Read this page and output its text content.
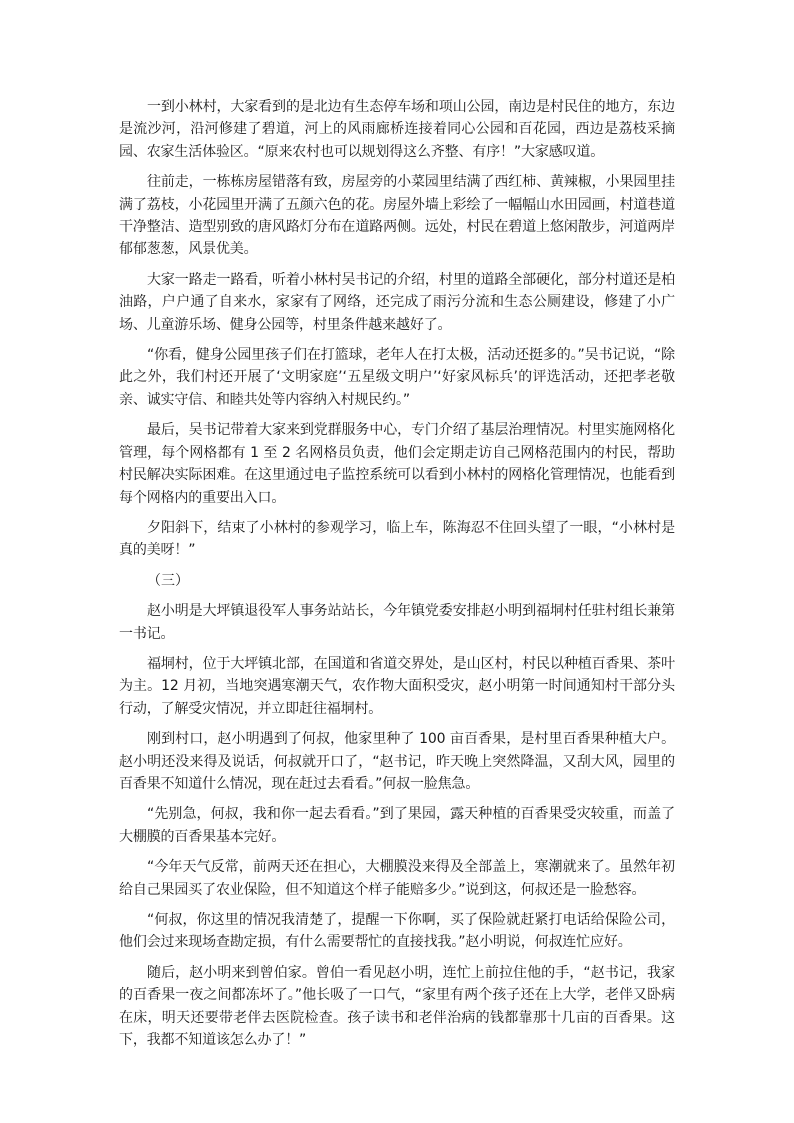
一到小林村，大家看到的是北边有生态停车场和项山公园，南边是村民住的地方，东边是流沙河，沿河修建了碧道，河上的风雨廊桥连接着同心公园和百花园，西边是荔枝采摘园、农家生活体验区。“原来农村也可以规划得这么齐整、有序！”大家感叹道。

往前走，一栋栋房屋错落有致，房屋旁的小菜园里结满了西红柿、黄辣椒，小果园里挂满了荔枝，小花园里开满了五颜六色的花。房屋外墙上彩绘了一幅幅山水田园画，村道巷道干净整洁、造型别致的唐风路灯分布在道路两侧。远处，村民在碧道上悠闲散步，河道两岸郁郁葱葱，风景优美。

大家一路走一路看，听着小林村吴书记的介绍，村里的道路全部硬化，部分村道还是柏油路，户户通了自来水，家家有了网络，还完成了雨污分流和生态公厕建设，修建了小广场、儿童游乐场、健身公园等，村里条件越来越好了。

“你看，健身公园里孩子们在打篮球，老年人在打太极，活动还挺多的。”吴书记说，“除此之外，我们村还开展了‘文明家庭’‘五星级文明户’‘好家风标兵’的评选活动，还把孝老敬亲、诚实守信、和睦共处等内容纳入村规民约。”

最后，吴书记带着大家来到党群服务中心，专门介绍了基层治理情况。村里实施网格化管理，每个网格都有 1 至 2 名网格员负责，他们会定期走访自己网格范围内的村民，帮助村民解决实际困难。在这里通过电子监控系统可以看到小林村的网格化管理情况，也能看到每个网格内的重要出入口。

夕阳斜下，结束了小林村的参观学习，临上车，陈海忍不住回头望了一眼，“小林村是真的美呀！”

（三）

赵小明是大坪镇退役军人事务站站长，今年镇党委安排赵小明到福垌村任驻村组长兼第一书记。

福垌村，位于大坪镇北部，在国道和省道交界处，是山区村，村民以种植百香果、茶叶为主。12 月初，当地突遇寒潮天气，农作物大面积受灾，赵小明第一时间通知村干部分头行动，了解受灾情况，并立即赶往福垌村。

刚到村口，赵小明遇到了何叔，他家里种了 100 亩百香果，是村里百香果种植大户。赵小明还没来得及说话，何叔就开口了，“赵书记，昨天晚上突然降温，又刮大风，园里的百香果不知道什么情况，现在赶过去看看。”何叔一脸焦急。

“先别急，何叔，我和你一起去看看。”到了果园，露天种植的百香果受灾较重，而盖了大棚膜的百香果基本完好。

“今年天气反常，前两天还在担心，大棚膜没来得及全部盖上，寒潮就来了。虽然年初给自己果园买了农业保险，但不知道这个样子能赔多少。”说到这，何叔还是一脸愁容。

“何叔，你这里的情况我清楚了，提醒一下你啊，买了保险就赶紧打电话给保险公司，他们会过来现场查勘定损，有什么需要帮忙的直接找我。”赵小明说，何叔连忙应好。

随后，赵小明来到曾伯家。曾伯一看见赵小明，连忙上前拉住他的手，“赵书记，我家的百香果一夜之间都冻坏了。”他长吸了一口气，“家里有两个孩子还在上大学，老伴又卧病在床，明天还要带老伴去医院检查。孩子读书和老伴治病的钱都靠那十几亩的百香果。这下，我都不知道该怎么办了！”
